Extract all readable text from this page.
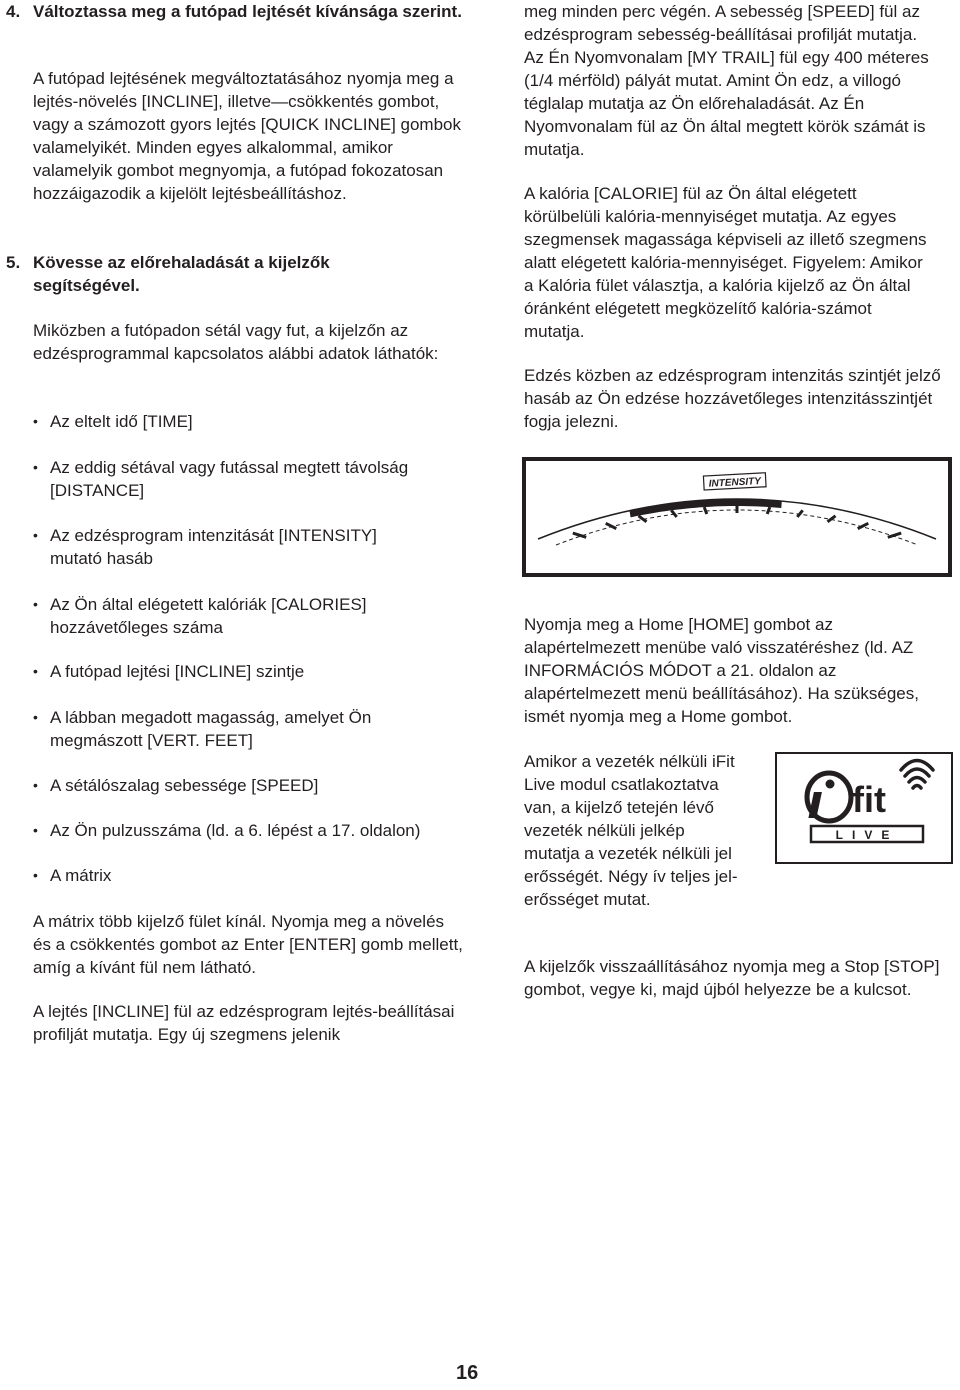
4. Változtassa meg a futópad lejtését kívánsága szerint.

A futópad lejtésének megváltoztatásához nyomja meg a lejtés-növelés [INCLINE], illetve—csökkentés gombot, vagy a számozott gyors lejtés [QUICK INCLINE] gombok valamelyikét. Minden egyes alkalommal, amikor valamelyik gombot megnyomja, a futópad fokozatosan hozzáigazodik a kijelölt lejtésbeállításhoz.

5. Kövesse az előrehaladását a kijelzők segítségével.

Miközben a futópadon sétál vagy fut, a kijelzőn az edzésprogrammal kapcsolatos alábbi adatok láthatók:

• Az eltelt idő [TIME]
• Az eddig sétával vagy futással megtett távolság [DISTANCE]
• Az edzésprogram intenzitását [INTENSITY] mutató hasáb
• Az Ön által elégetett kalóriák [CALORIES] hozzávetőleges száma
• A futópad lejtési [INCLINE] szintje
• A lábban megadott magasság, amelyet Ön megmászott [VERT. FEET]
• A sétálószalag sebessége [SPEED]
• Az Ön pulzusszáma (ld. a 6. lépést a 17. oldalon)
• A mátrix

A mátrix több kijelző fület kínál. Nyomja meg a növelés és a csökkentés gombot az Enter [ENTER] gomb mellett, amíg a kívánt fül nem látható.

A lejtés [INCLINE] fül az edzésprogram lejtés-beállításai profilját mutatja. Egy új szegmens jelenik

meg minden perc végén. A sebesség [SPEED] fül az edzésprogram sebesség-beállításai profilját mutatja. Az Én Nyomvonalam [MY TRAIL] fül egy 400 méteres (1/4 mérföld) pályát mutat. Amint Ön edz, a villogó téglalap mutatja az Ön előrehaladását. Az Én Nyomvonalam fül az Ön által megtett körök számát is mutatja.

A kalória [CALORIE] fül az Ön által elégetett körülbelüli kalória-mennyiséget mutatja. Az egyes szegmensek magassága képviseli az illető szegmens alatt elégetett kalória-mennyiséget. Figyelem: Amikor a Kalória fület választja, a kalória kijelző az Ön által óránként elégetett megközelítő kalória-számot mutatja.

Edzés közben az edzésprogram intenzitás szintjét jelző hasáb az Ön edzése hozzávetőleges intenzitásszintjét fogja jelezni.

INTENSITY

Nyomja meg a Home [HOME] gombot az alapértelmezett menübe való visszatéréshez (ld. AZ INFORMÁCIÓS MÓDOT a 21. oldalon az alapértelmezett menü beállításához). Ha szükséges, ismét nyomja meg a Home gombot.

Amikor a vezeték nélküli iFit Live modul csatlakoztatva van, a kijelző tetején lévő vezeték nélküli jelkép mutatja a vezeték nélküli jel erősségét. Négy ív teljes jel-erősséget mutat.

fit
LIVE

A kijelzők visszaállításához nyomja meg a Stop [STOP] gombot, vegye ki, majd újból helyezze be a kulcsot.

16
